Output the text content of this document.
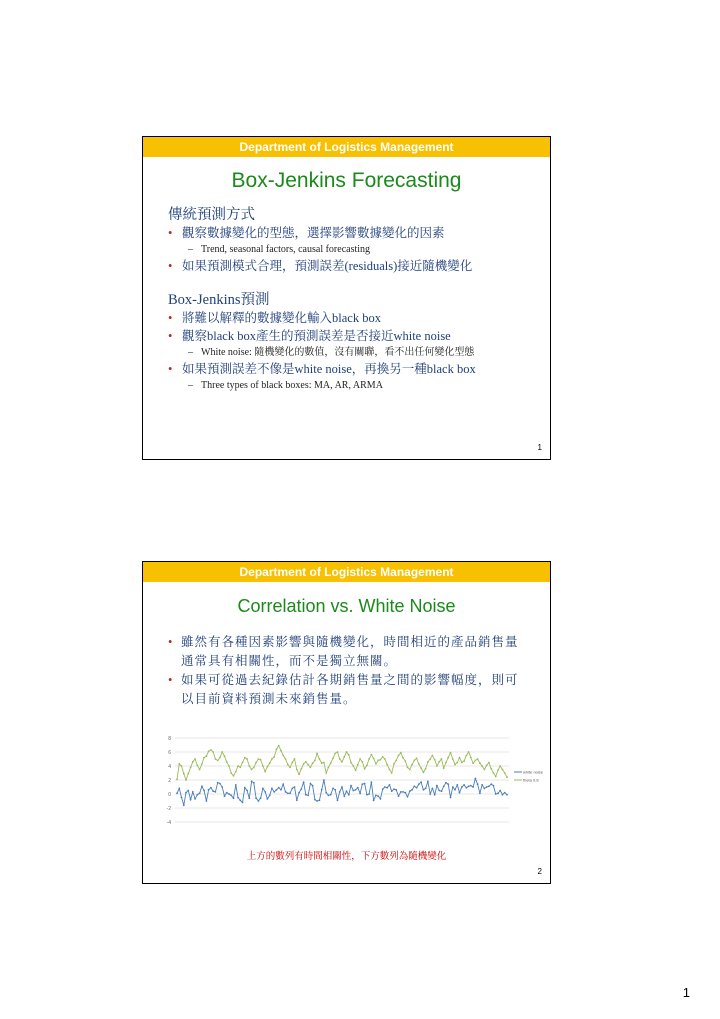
Department of Logistics Management
Box-Jenkins Forecasting
傳統預測方式
• 觀察數據變化的型態，選擇影響數據變化的因素
– Trend, seasonal factors, causal forecasting
• 如果預測模式合理，預測誤差(residuals)接近隨機變化
Box-Jenkins預測
• 將難以解釋的數據變化輸入black box
• 觀察black box產生的預測誤差是否接近white noise
– White noise: 隨機變化的數值，沒有關聯，看不出任何變化型態
• 如果預測誤差不像是white noise，再換另一種black box
– Three types of black boxes: MA, AR, ARMA
1
Department of Logistics Management
Correlation vs. White Noise
• 雖然有各種因素影響與隨機變化，時間相近的產品銷售量通常具有相關性，而不是獨立無關。
• 如果可從過去紀錄估計各期銷售量之間的影響幅度，則可以目前資料預測未來銷售量。
8
6
4
2
0
-2
-4
white noise
theta 0.8
上方的數列有時間相關性，下方數列為隨機變化
2
1
